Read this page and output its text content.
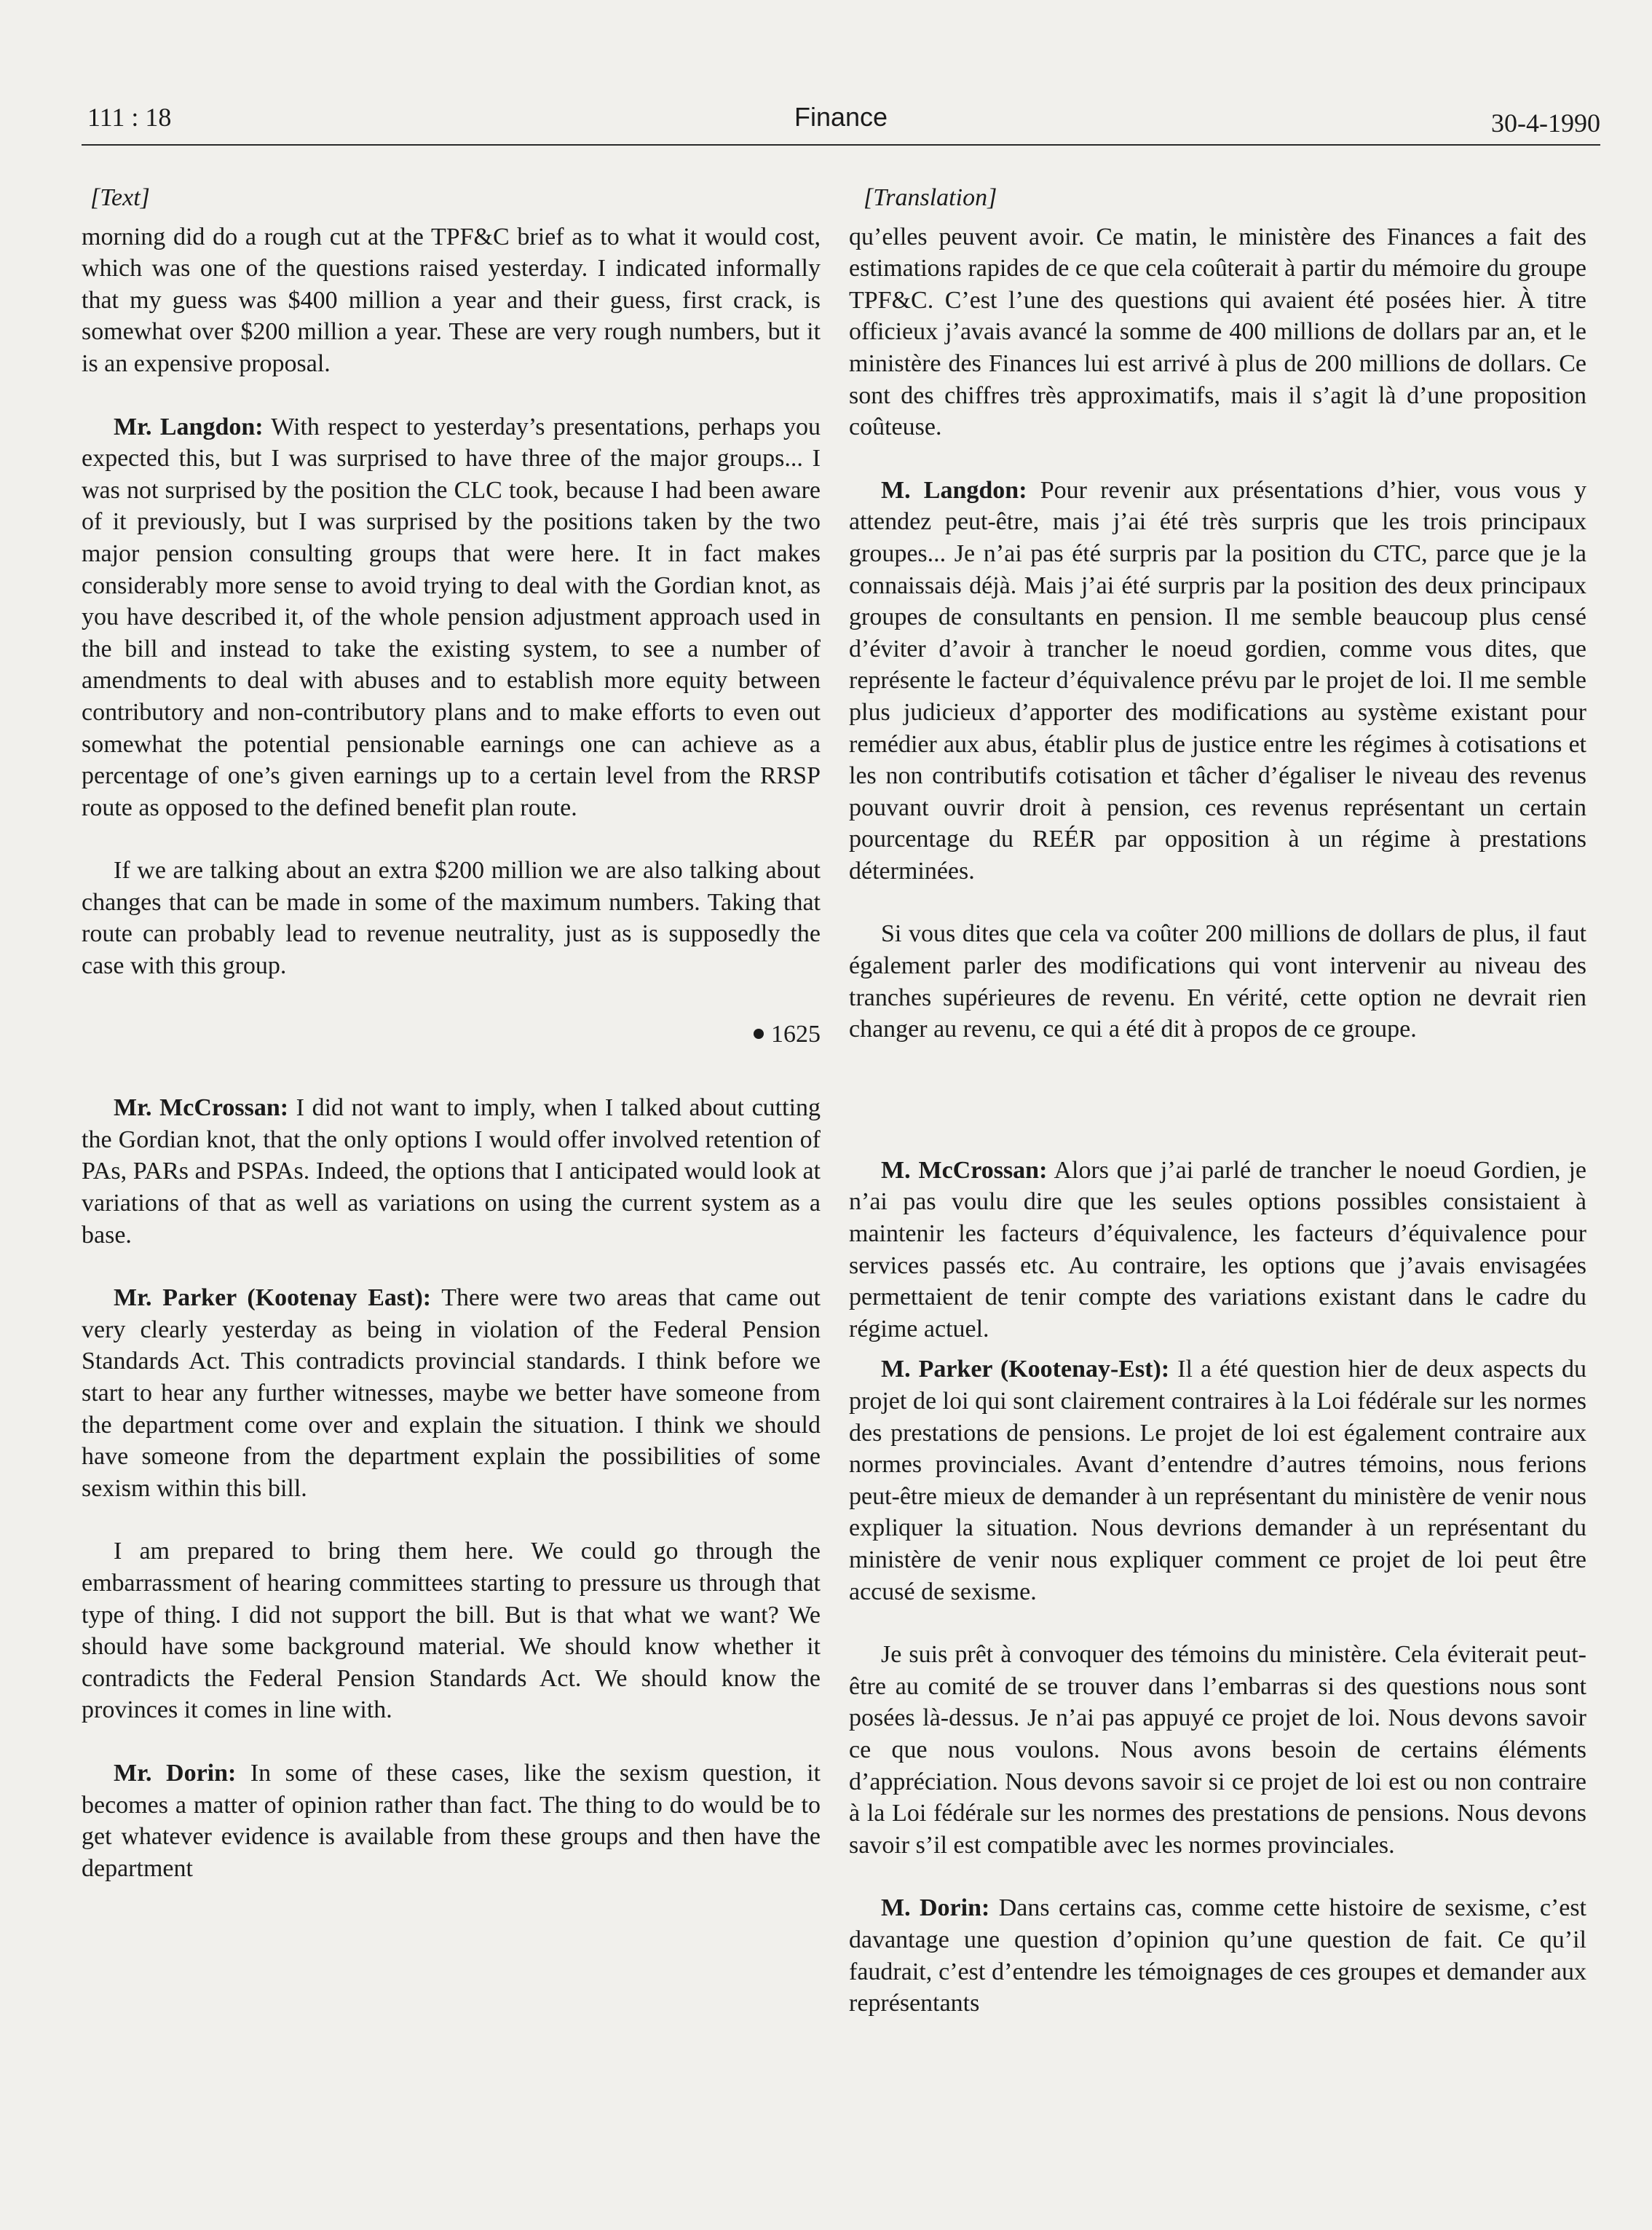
111 : 18	Finance	30-4-1990
[Text]

morning did do a rough cut at the TPF&C brief as to what it would cost, which was one of the questions raised yesterday. I indicated informally that my guess was $400 million a year and their guess, first crack, is somewhat over $200 million a year. These are very rough numbers, but it is an expensive proposal.

Mr. Langdon: With respect to yesterday’s presentations, perhaps you expected this, but I was surprised to have three of the major groups... I was not surprised by the position the CLC took, because I had been aware of it previously, but I was surprised by the positions taken by the two major pension consulting groups that were here. It in fact makes considerably more sense to avoid trying to deal with the Gordian knot, as you have described it, of the whole pension adjustment approach used in the bill and instead to take the existing system, to see a number of amendments to deal with abuses and to establish more equity between contributory and non-contributory plans and to make efforts to even out somewhat the potential pensionable earnings one can achieve as a percentage of one’s given earnings up to a certain level from the RRSP route as opposed to the defined benefit plan route.

If we are talking about an extra $200 million we are also talking about changes that can be made in some of the maximum numbers. Taking that route can probably lead to revenue neutrality, just as is supposedly the case with this group.

1625

Mr. McCrossan: I did not want to imply, when I talked about cutting the Gordian knot, that the only options I would offer involved retention of PAs, PARs and PSPAs. Indeed, the options that I anticipated would look at variations of that as well as variations on using the current system as a base.

Mr. Parker (Kootenay East): There were two areas that came out very clearly yesterday as being in violation of the Federal Pension Standards Act. This contradicts provincial standards. I think before we start to hear any further witnesses, maybe we better have someone from the department come over and explain the situation. I think we should have someone from the department explain the possibilities of some sexism within this bill.

I am prepared to bring them here. We could go through the embarrassment of hearing committees starting to pressure us through that type of thing. I did not support the bill. But is that what we want? We should have some background material. We should know whether it contradicts the Federal Pension Standards Act. We should know the provinces it comes in line with.

Mr. Dorin: In some of these cases, like the sexism question, it becomes a matter of opinion rather than fact. The thing to do would be to get whatever evidence is available from these groups and then have the department

[Translation]

qu’elles peuvent avoir. Ce matin, le ministère des Finances a fait des estimations rapides de ce que cela coûterait à partir du mémoire du groupe TPF&C. C’est l’une des questions qui avaient été posées hier. À titre officieux j’avais avancé la somme de 400 millions de dollars par an, et le ministère des Finances lui est arrivé à plus de 200 millions de dollars. Ce sont des chiffres très approximatifs, mais il s’agit là d’une proposition coûteuse.

M. Langdon: Pour revenir aux présentations d’hier, vous vous y attendez peut-être, mais j’ai été très surpris que les trois principaux groupes... Je n’ai pas été surpris par la position du CTC, parce que je la connaissais déjà. Mais j’ai été surpris par la position des deux principaux groupes de consultants en pension. Il me semble beaucoup plus censé d’éviter d’avoir à trancher le noeud gordien, comme vous dites, que représente le facteur d’équivalence prévu par le projet de loi. Il me semble plus judicieux d’apporter des modifications au système existant pour remédier aux abus, établir plus de justice entre les régimes à cotisations et les non contributifs cotisation et tâcher d’égaliser le niveau des revenus pouvant ouvrir droit à pension, ces revenus représentant un certain pourcentage du REÉR par opposition à un régime à prestations déterminées.

Si vous dites que cela va coûter 200 millions de dollars de plus, il faut également parler des modifications qui vont intervenir au niveau des tranches supérieures de revenu. En vérité, cette option ne devrait rien changer au revenu, ce qui a été dit à propos de ce groupe.

M. McCrossan: Alors que j’ai parlé de trancher le noeud Gordien, je n’ai pas voulu dire que les seules options possibles consistaient à maintenir les facteurs d’équivalence, les facteurs d’équivalence pour services passés etc. Au contraire, les options que j’avais envisagées permettaient de tenir compte des variations existant dans le cadre du régime actuel.

M. Parker (Kootenay-Est): Il a été question hier de deux aspects du projet de loi qui sont clairement contraires à la Loi fédérale sur les normes des prestations de pensions. Le projet de loi est également contraire aux normes provinciales. Avant d’entendre d’autres témoins, nous ferions peut-être mieux de demander à un représentant du ministère de venir nous expliquer la situation. Nous devrions demander à un représentant du ministère de venir nous expliquer comment ce projet de loi peut être accusé de sexisme.

Je suis prêt à convoquer des témoins du ministère. Cela éviterait peut-être au comité de se trouver dans l’embarras si des questions nous sont posées là-dessus. Je n’ai pas appuyé ce projet de loi. Nous devons savoir ce que nous voulons. Nous avons besoin de certains éléments d’appréciation. Nous devons savoir si ce projet de loi est ou non contraire à la Loi fédérale sur les normes des prestations de pensions. Nous devons savoir s’il est compatible avec les normes provinciales.

M. Dorin: Dans certains cas, comme cette histoire de sexisme, c’est davantage une question d’opinion qu’une question de fait. Ce qu’il faudrait, c’est d’entendre les témoignages de ces groupes et demander aux représentants
